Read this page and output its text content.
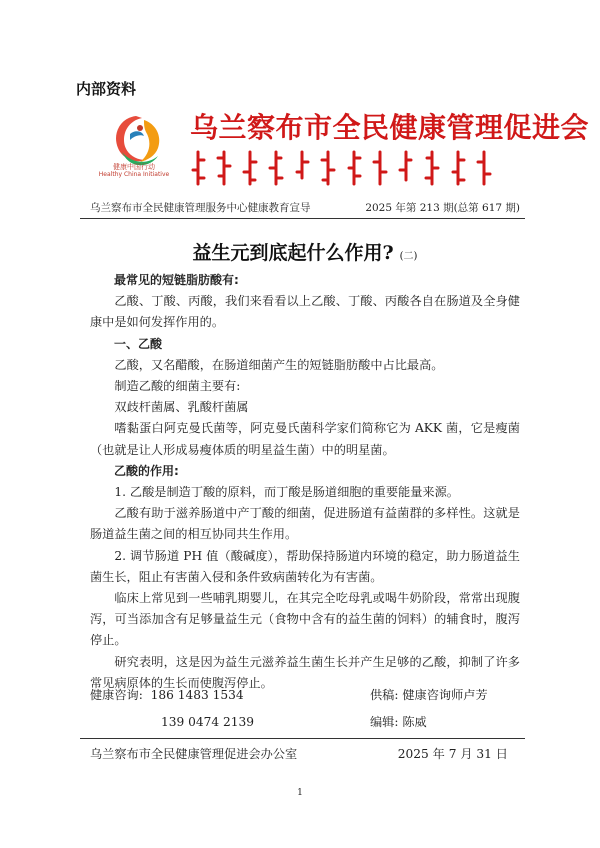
内部资料
健康中国行动
Healthy China Initiative
乌兰察布市全民健康管理促进会
乌兰察布市全民健康管理服务中心健康教育宣导	2025 年第 213 期(总第 617 期)
益生元到底起什么作用? (二)

最常见的短链脂肪酸有:

乙酸、丁酸、丙酸，我们来看看以上乙酸、丁酸、丙酸各自在肠道及全身健康中是如何发挥作用的。

一、乙酸

乙酸，又名醋酸，在肠道细菌产生的短链脂肪酸中占比最高。

制造乙酸的细菌主要有:

双歧杆菌属、乳酸杆菌属

嗜黏蛋白阿克曼氏菌等，阿克曼氏菌科学家们简称它为 AKK 菌，它是瘦菌（也就是让人形成易瘦体质的明星益生菌）中的明星菌。

乙酸的作用:

1. 乙酸是制造丁酸的原料，而丁酸是肠道细胞的重要能量来源。

乙酸有助于滋养肠道中产丁酸的细菌，促进肠道有益菌群的多样性。这就是肠道益生菌之间的相互协同共生作用。

2. 调节肠道 PH 值（酸碱度），帮助保持肠道内环境的稳定，助力肠道益生菌生长，阻止有害菌入侵和条件致病菌转化为有害菌。

临床上常见到一些哺乳期婴儿，在其完全吃母乳或喝牛奶阶段，常常出现腹泻，可当添加含有足够量益生元（食物中含有的益生菌的饲料）的辅食时，腹泻停止。

研究表明，这是因为益生元滋养益生菌生长并产生足够的乙酸，抑制了许多常见病原体的生长而使腹泻停止。

健康咨询: 186 1483 1534	供稿: 健康咨询师卢芳
139 0474 2139	编辑: 陈威
乌兰察布市全民健康管理促进会办公室	2025 年 7 月 31 日
1
